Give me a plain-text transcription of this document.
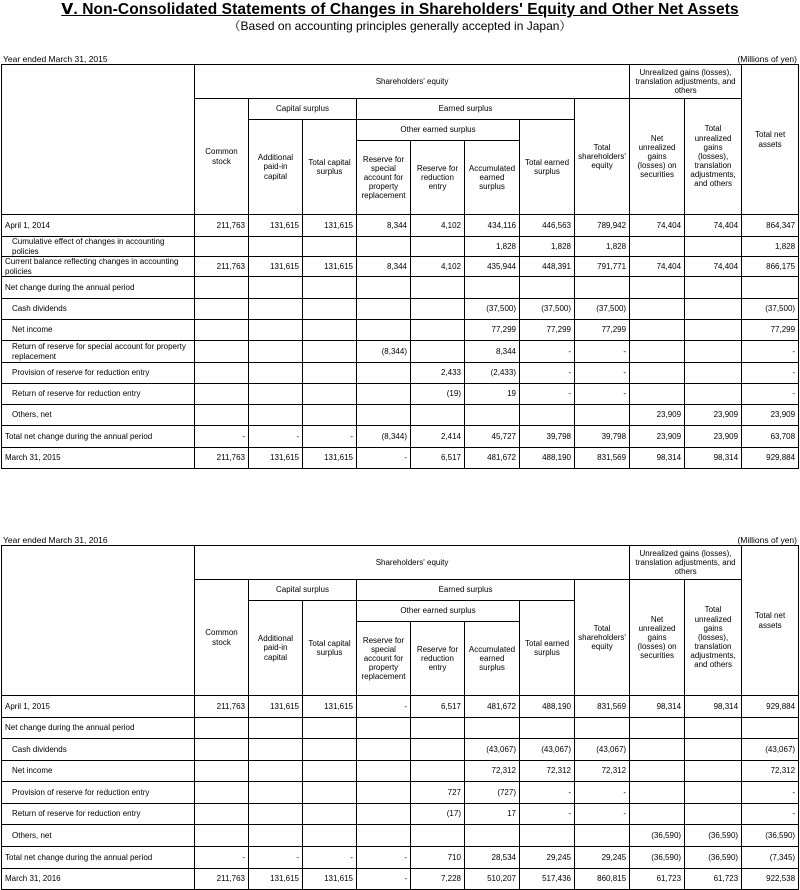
Ⅴ. Non-Consolidated Statements of Changes in Shareholders' Equity and Other Net Assets
（Based on accounting principles generally accepted in Japan）
Year ended March 31, 2015	(Millions of yen)
	Shareholders' equity								Unrealized gains (losses), translation adjustments, and others		Total net assets
	Common stock	Capital surplus		Earned surplus				Total shareholders' equity	Net unrealized gains (losses) on securities	Total unrealized gains (losses), translation adjustments, and others	
		Additional paid-in capital	Total capital surplus	Other earned surplus			Total earned surplus				
				Reserve for special account for property replacement	Reserve for reduction entry	Accumulated earned surplus					
April 1, 2014	211,763	131,615	131,615	8,344	4,102	434,116	446,563	789,942	74,404	74,404	864,347
Cumulative effect of changes in accounting policies						1,828	1,828	1,828			1,828
Current balance reflecting changes in accounting policies	211,763	131,615	131,615	8,344	4,102	435,944	448,391	791,771	74,404	74,404	866,175
Net change during the annual period											
Cash dividends						(37,500)	(37,500)	(37,500)			(37,500)
Net income						77,299	77,299	77,299			77,299
Return of reserve for special account for property replacement				(8,344)		8,344	-	-			-
Provision of reserve for reduction entry					2,433	(2,433)	-	-			-
Return of reserve for reduction entry					(19)	19	-	-			-
Others, net									23,909	23,909	23,909
Total net change during the annual period	-	-	-	(8,344)	2,414	45,727	39,798	39,798	23,909	23,909	63,708
March 31, 2015	211,763	131,615	131,615	-	6,517	481,672	488,190	831,569	98,314	98,314	929,884
Year ended March 31, 2016	(Millions of yen)
	Shareholders' equity								Unrealized gains (losses), translation adjustments, and others		Total net assets
	Common stock	Capital surplus		Earned surplus				Total shareholders' equity	Net unrealized gains (losses) on securities	Total unrealized gains (losses), translation adjustments, and others	
		Additional paid-in capital	Total capital surplus	Other earned surplus			Total earned surplus				
				Reserve for special account for property replacement	Reserve for reduction entry	Accumulated earned surplus					
April 1, 2015	211,763	131,615	131,615	-	6,517	481,672	488,190	831,569	98,314	98,314	929,884
Net change during the annual period											
Cash dividends						(43,067)	(43,067)	(43,067)			(43,067)
Net income						72,312	72,312	72,312			72,312
Provision of reserve for reduction entry					727	(727)	-	-			-
Return of reserve for reduction entry					(17)	17	-	-			-
Others, net									(36,590)	(36,590)	(36,590)
Total net change during the annual period	-	-	-	-	710	28,534	29,245	29,245	(36,590)	(36,590)	(7,345)
March 31, 2016	211,763	131,615	131,615	-	7,228	510,207	517,436	860,815	61,723	61,723	922,538
